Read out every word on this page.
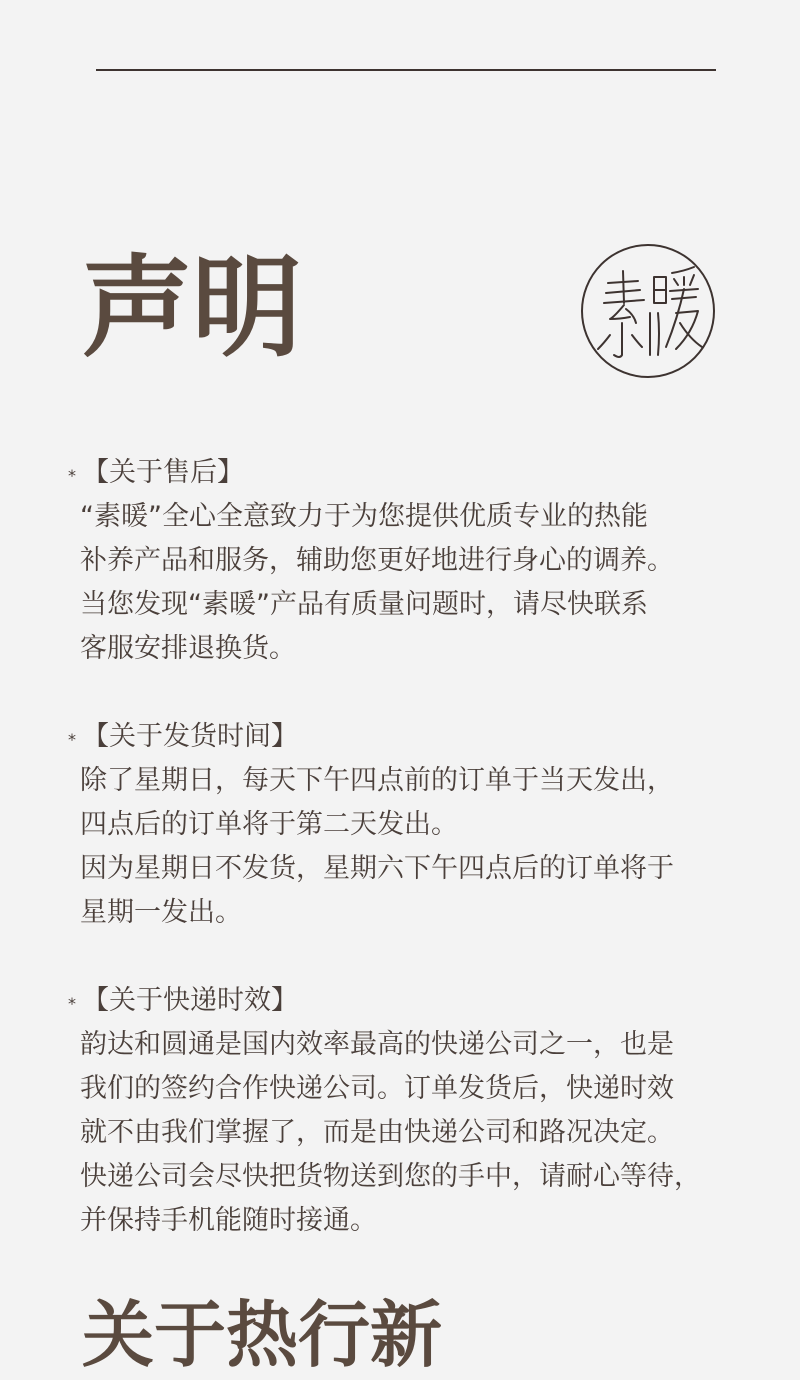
声明
* 【关于售后】

“素暖”全心全意致力于为您提供优质专业的热能

补养产品和服务，辅助您更好地进行身心的调养。

当您发现“素暖”产品有质量问题时，请尽快联系

客服安排退换货。

* 【关于发货时间】

除了星期日，每天下午四点前的订单于当天发出，

四点后的订单将于第二天发出。

因为星期日不发货，星期六下午四点后的订单将于

星期一发出。

* 【关于快递时效】

韵达和圆通是国内效率最高的快递公司之一，也是

我们的签约合作快递公司。订单发货后，快递时效

就不由我们掌握了，而是由快递公司和路况决定。

快递公司会尽快把货物送到您的手中，请耐心等待，

并保持手机能随时接通。

关于热行新
